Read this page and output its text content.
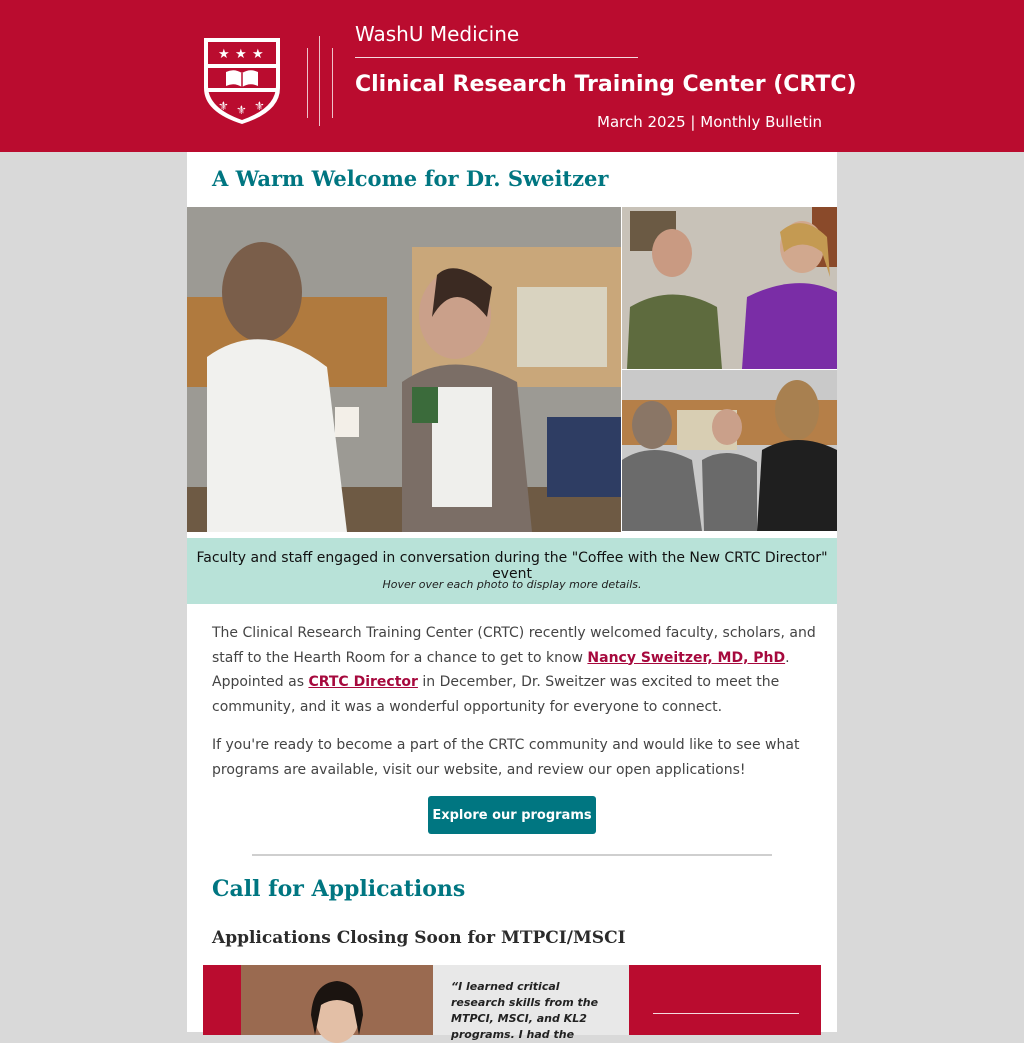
★ ★ ★
⚜ ⚜ ⚜
WashU Medicine
Clinical Research Training Center (CRTC)
March 2025 | Monthly Bulletin
A Warm Welcome for Dr. Sweitzer
Faculty and staff engaged in conversation during the "Coffee with the New CRTC Director" event
Hover over each photo to display more details.
The Clinical Research Training Center (CRTC) recently welcomed faculty, scholars, and staff to the Hearth Room for a chance to get to know Nancy Sweitzer, MD, PhD. Appointed as CRTC Director in December, Dr. Sweitzer was excited to meet the community, and it was a wonderful opportunity for everyone to connect.
If you're ready to become a part of the CRTC community and would like to see what programs are available, visit our website, and review our open applications!
Explore our programs
Call for Applications
Applications Closing Soon for MTPCI/MSCI
“I learned critical research skills from the MTPCI, MSCI, and KL2 programs. I had the
